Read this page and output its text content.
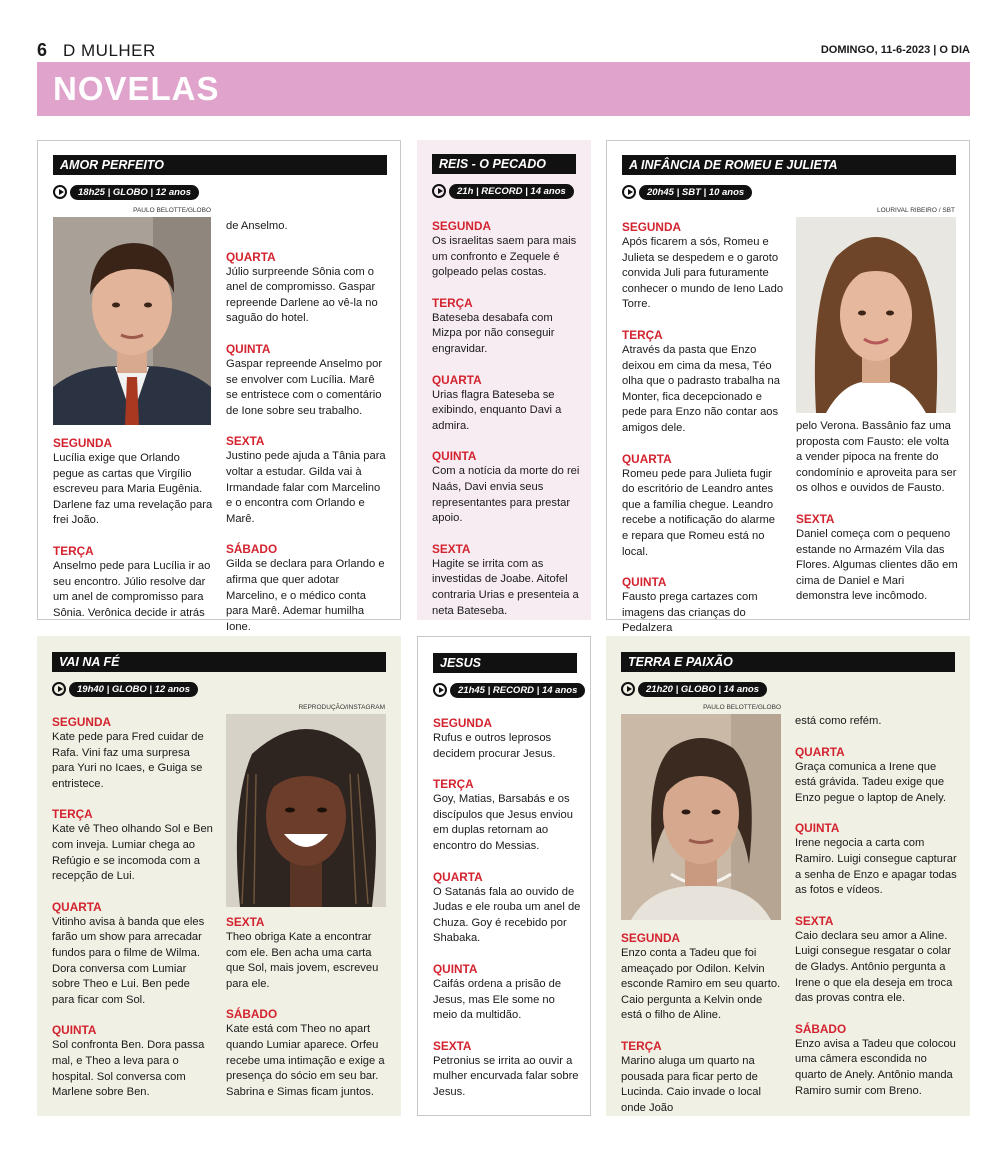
6 D MULHER	DOMINGO, 11-6-2023 | O DIA
NOVELAS
AMOR PERFEITO
18h25 | GLOBO | 12 anos
PAULO BELOTTE/GLOBO
SEGUNDA
Lucília exige que Orlando pegue as cartas que Virgílio escreveu para Maria Eugênia. Darlene faz uma revelação para frei João.
TERÇA
Anselmo pede para Lucília ir ao seu encontro. Júlio resolve dar um anel de compromisso para Sônia. Verônica decide ir atrás
de Anselmo.
QUARTA
Júlio surpreende Sônia com o anel de compromisso. Gaspar repreende Darlene ao vê-la no saguão do hotel.
QUINTA
Gaspar repreende Anselmo por se envolver com Lucília. Marê se entristece com o comentário de Ione sobre seu trabalho.
SEXTA
Justino pede ajuda a Tânia para voltar a estudar. Gilda vai à Irmandade falar com Marcelino e o encontra com Orlando e Marê.
SÁBADO
Gilda se declara para Orlando e afirma que quer adotar Marcelino, e o médico conta para Marê. Ademar humilha Ione.
REIS - O PECADO
21h | RECORD | 14 anos
SEGUNDA
Os israelitas saem para mais um confronto e Zequele é golpeado pelas costas.
TERÇA
Bateseba desabafa com Mizpa por não conseguir engravidar.
QUARTA
Urias flagra Bateseba se exibindo, enquanto Davi a admira.
QUINTA
Com a notícia da morte do rei Naás, Davi envia seus representantes para prestar apoio.
SEXTA
Hagite se irrita com as investidas de Joabe. Aitofel contraria Urias e presenteia a neta Bateseba.
A INFÂNCIA DE ROMEU E JULIETA
20h45 | SBT | 10 anos
LOURIVAL RIBEIRO / SBT
SEGUNDA
Após ficarem a sós, Romeu e Julieta se despedem e o garoto convida Juli para futuramente conhecer o mundo de Ieno Lado Torre.
TERÇA
Através da pasta que Enzo deixou em cima da mesa, Téo olha que o padrasto trabalha na Monter, fica decepcionado e pede para Enzo não contar aos amigos dele.
QUARTA
Romeu pede para Julieta fugir do escritório de Leandro antes que a família chegue. Leandro recebe a notificação do alarme e repara que Romeu está no local.
QUINTA
Fausto prega cartazes com imagens das crianças do Pedalzera
pelo Verona. Bassânio faz uma proposta com Fausto: ele volta a vender pipoca na frente do condomínio e aproveita para ser os olhos e ouvidos de Fausto.
SEXTA
Daniel começa com o pequeno estande no Armazém Vila das Flores. Algumas clientes dão em cima de Daniel e Mari demonstra leve incômodo.
VAI NA FÉ
19h40 | GLOBO | 12 anos
REPRODUÇÃO/INSTAGRAM
SEGUNDA
Kate pede para Fred cuidar de Rafa. Vini faz uma surpresa para Yuri no Icaes, e Guiga se entristece.
TERÇA
Kate vê Theo olhando Sol e Ben com inveja. Lumiar chega ao Refúgio e se incomoda com a recepção de Lui.
QUARTA
Vitinho avisa à banda que eles farão um show para arrecadar fundos para o filme de Wilma. Dora conversa com Lumiar sobre Theo e Lui. Ben pede para ficar com Sol.
QUINTA
Sol confronta Ben. Dora passa mal, e Theo a leva para o hospital. Sol conversa com Marlene sobre Ben.
SEXTA
Theo obriga Kate a encontrar com ele. Ben acha uma carta que Sol, mais jovem, escreveu para ele.
SÁBADO
Kate está com Theo no apart quando Lumiar aparece. Orfeu recebe uma intimação e exige a presença do sócio em seu bar. Sabrina e Simas ficam juntos.
JESUS
21h45 | RECORD | 14 anos
SEGUNDA
Rufus e outros leprosos decidem procurar Jesus.
TERÇA
Goy, Matias, Barsabás e os discípulos que Jesus enviou em duplas retornam ao encontro do Messias.
QUARTA
O Satanás fala ao ouvido de Judas e ele rouba um anel de Chuza. Goy é recebido por Shabaka.
QUINTA
Caifás ordena a prisão de Jesus, mas Ele some no meio da multidão.
SEXTA
Petronius se irrita ao ouvir a mulher encurvada falar sobre Jesus.
TERRA E PAIXÃO
21h20 | GLOBO | 14 anos
PAULO BELOTTE/GLOBO
SEGUNDA
Enzo conta a Tadeu que foi ameaçado por Odilon. Kelvin esconde Ramiro em seu quarto. Caio pergunta a Kelvin onde está o filho de Aline.
TERÇA
Marino aluga um quarto na pousada para ficar perto de Lucinda. Caio invade o local onde João
está como refém.
QUARTA
Graça comunica a Irene que está grávida. Tadeu exige que Enzo pegue o laptop de Anely.
QUINTA
Irene negocia a carta com Ramiro. Luigi consegue capturar a senha de Enzo e apagar todas as fotos e vídeos.
SEXTA
Caio declara seu amor a Aline. Luigi consegue resgatar o colar de Gladys. Antônio pergunta a Irene o que ela deseja em troca das provas contra ele.
SÁBADO
Enzo avisa a Tadeu que colocou uma câmera escondida no quarto de Anely. Antônio manda Ramiro sumir com Breno.
